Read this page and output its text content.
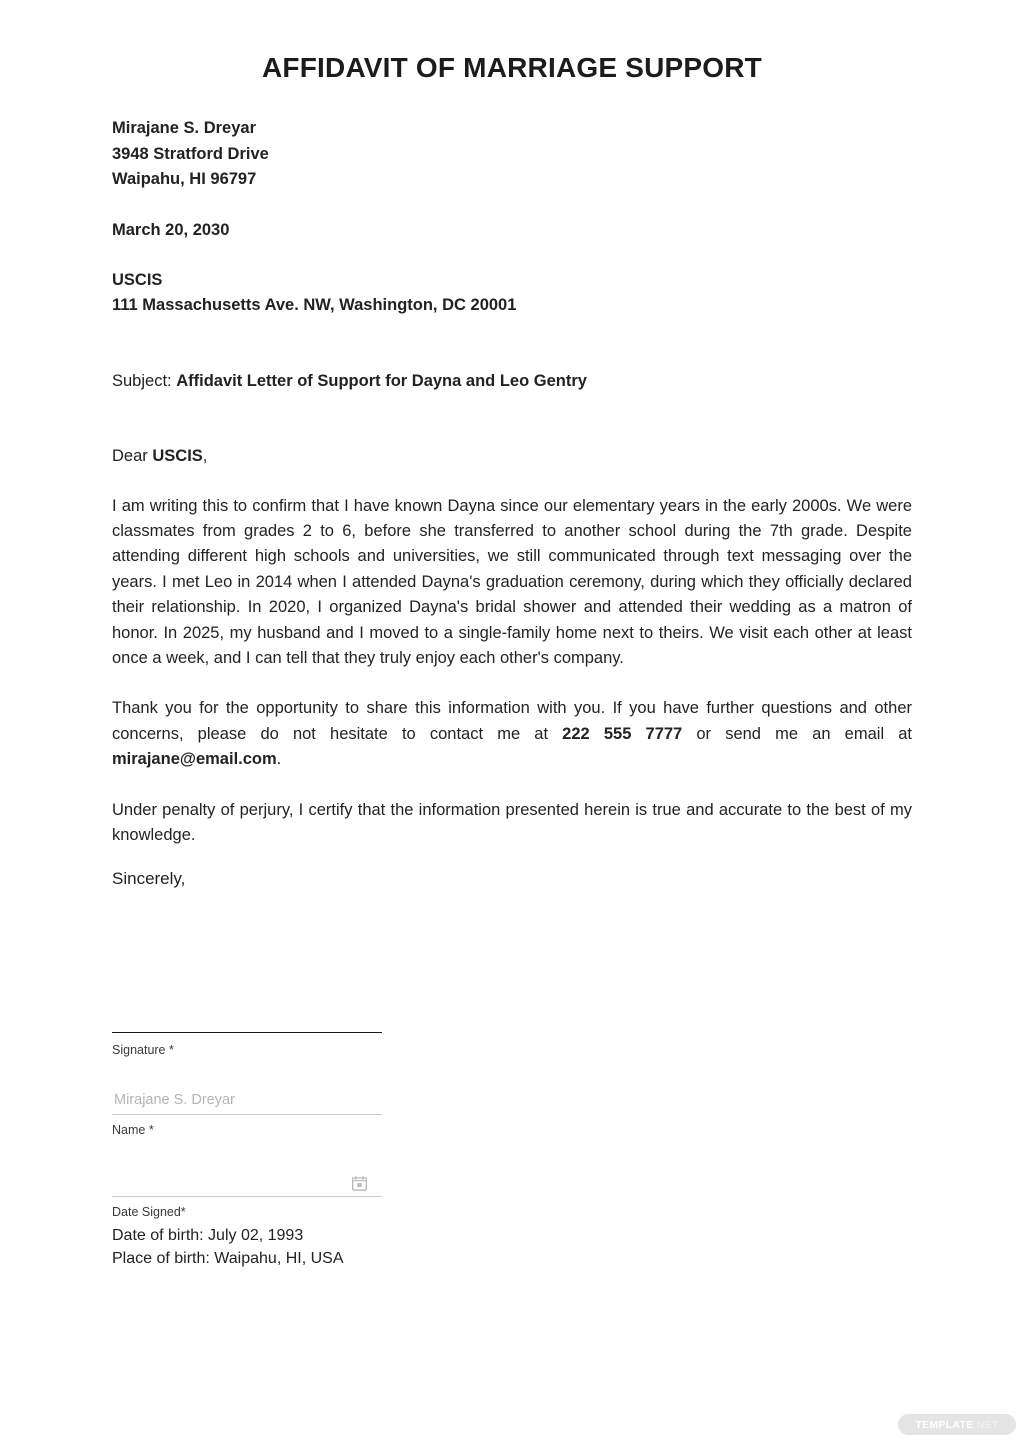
AFFIDAVIT OF MARRIAGE SUPPORT
Mirajane S. Dreyar
3948 Stratford Drive
Waipahu, HI 96797
March 20, 2030
USCIS
111 Massachusetts Ave. NW, Washington, DC 20001
Subject: Affidavit Letter of Support for Dayna and Leo Gentry
Dear USCIS,

I am writing this to confirm that I have known Dayna since our elementary years in the early 2000s. We were classmates from grades 2 to 6, before she transferred to another school during the 7th grade. Despite attending different high schools and universities, we still communicated through text messaging over the years. I met Leo in 2014 when I attended Dayna's graduation ceremony, during which they officially declared their relationship. In 2020, I organized Dayna's bridal shower and attended their wedding as a matron of honor. In 2025, my husband and I moved to a single-family home next to theirs. We visit each other at least once a week, and I can tell that they truly enjoy each other's company.

Thank you for the opportunity to share this information with you. If you have further questions and other concerns, please do not hesitate to contact me at 222 555 7777 or send me an email at mirajane@email.com.

Under penalty of perjury, I certify that the information presented herein is true and accurate to the best of my knowledge.

Sincerely,
Signature *
Mirajane S. Dreyar
Name *
Date Signed*
Date of birth: July 02, 1993
Place of birth: Waipahu, HI, USA
TEMPLATE .NET
